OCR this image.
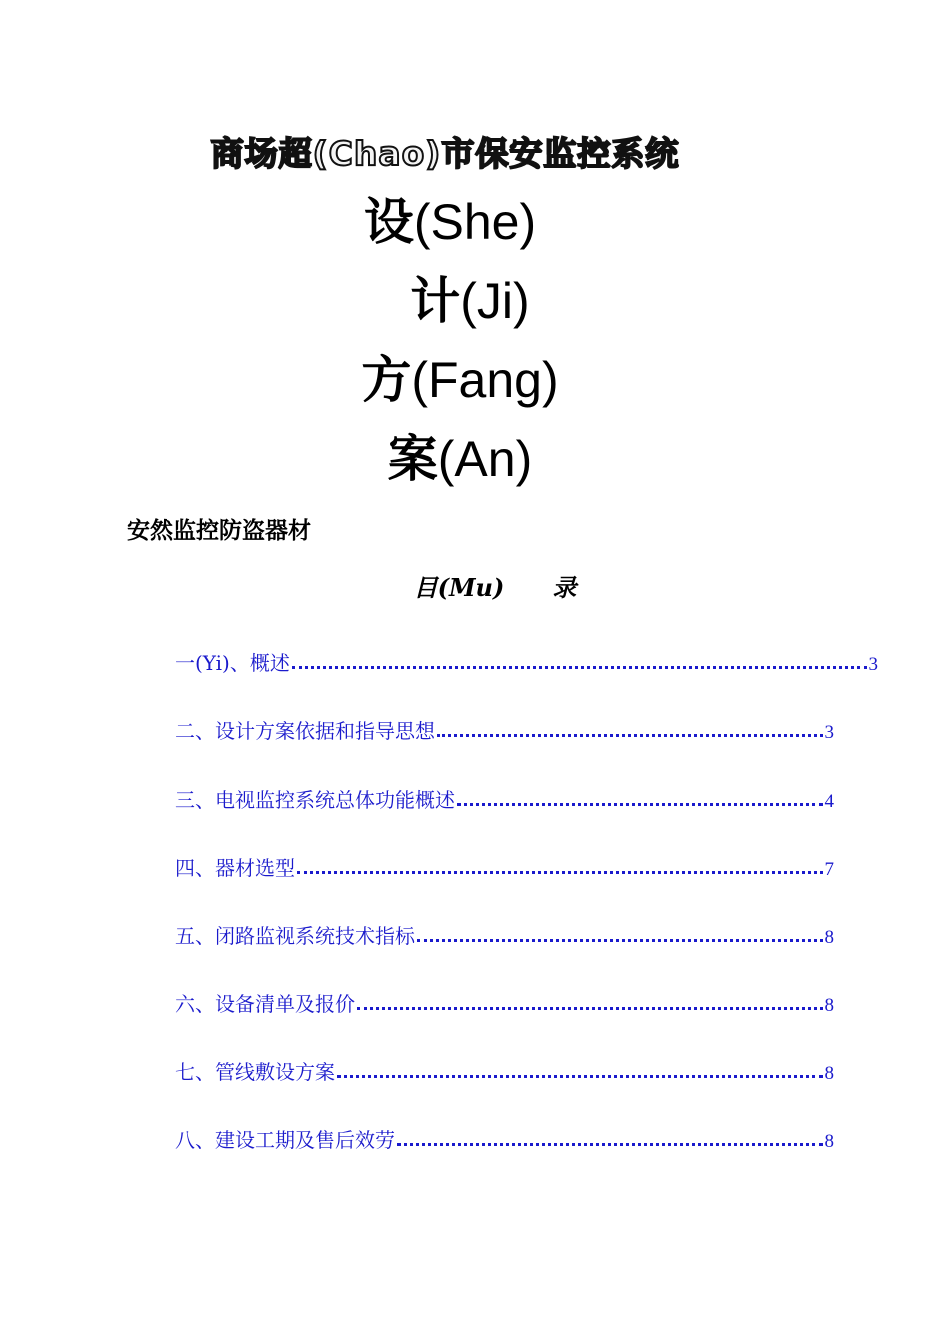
商场超(Chao)市保安监控系统
设(She)
计(Ji)
方(Fang)
案(An)
安然监控防盗器材
目(Mu) 录
一(Yi)、概述	3
二、设计方案依据和指导思想	3
三、电视监控系统总体功能概述	4
四、器材选型	7
五、闭路监视系统技术指标	8
六、设备清单及报价	8
七、管线敷设方案	8
八、建设工期及售后效劳	8
